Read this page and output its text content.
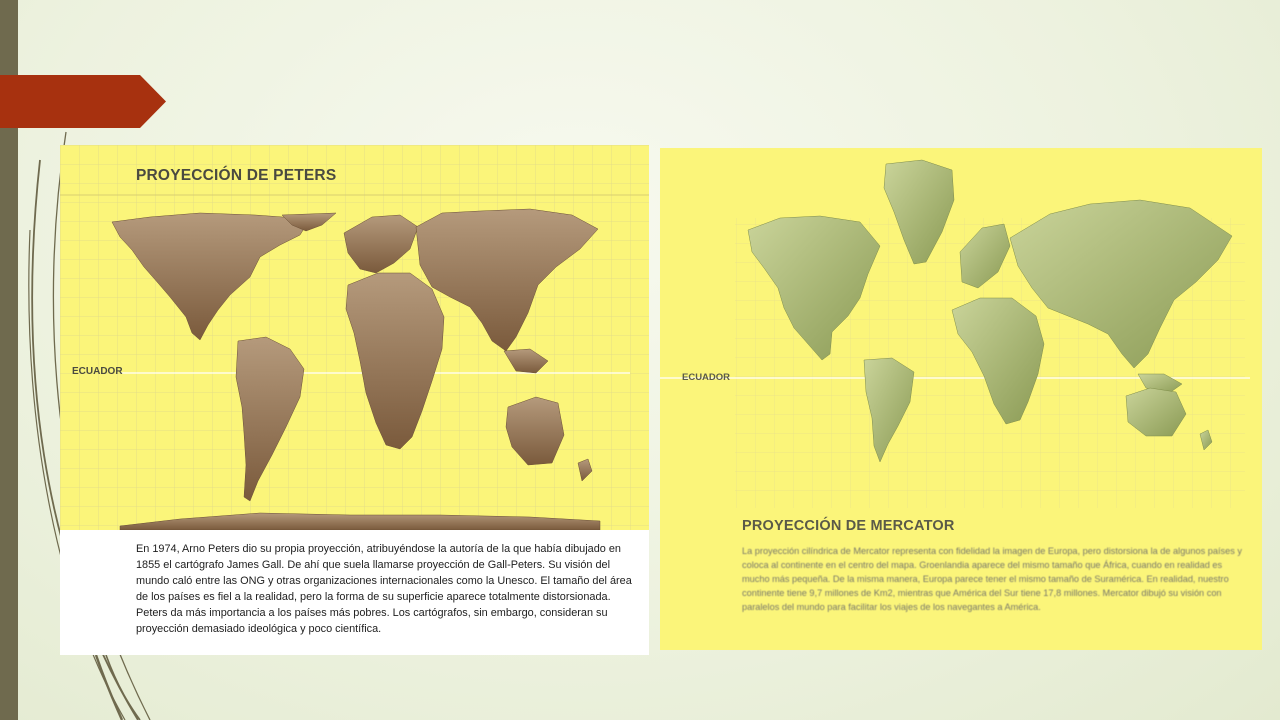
PROYECCIÓN DE PETERS
ECUADOR
En 1974, Arno Peters dio su propia proyección, atribuyéndose la autoría de la que había dibujado en 1855 el cartógrafo James Gall. De ahí que suela llamarse proyección de Gall-Peters. Su visión del mundo caló entre las ONG y otras organizaciones internacionales como la Unesco. El tamaño del área de los países es fiel a la realidad, pero la forma de su superficie aparece totalmente distorsionada. Peters da más importancia a los países más pobres. Los cartógrafos, sin embargo, consideran su proyección demasiado ideológica y poco científica.
ECUADOR
PROYECCIÓN DE MERCATOR
La proyección cilíndrica de Mercator representa con fidelidad la imagen de Europa, pero distorsiona la de algunos países y coloca al continente en el centro del mapa. Groenlandia aparece del mismo tamaño que África, cuando en realidad es mucho más pequeña. De la misma manera, Europa parece tener el mismo tamaño de Suramérica. En realidad, nuestro continente tiene 9,7 millones de Km2, mientras que América del Sur tiene 17,8 millones. Mercator dibujó su visión con paralelos del mundo para facilitar los viajes de los navegantes a América.
